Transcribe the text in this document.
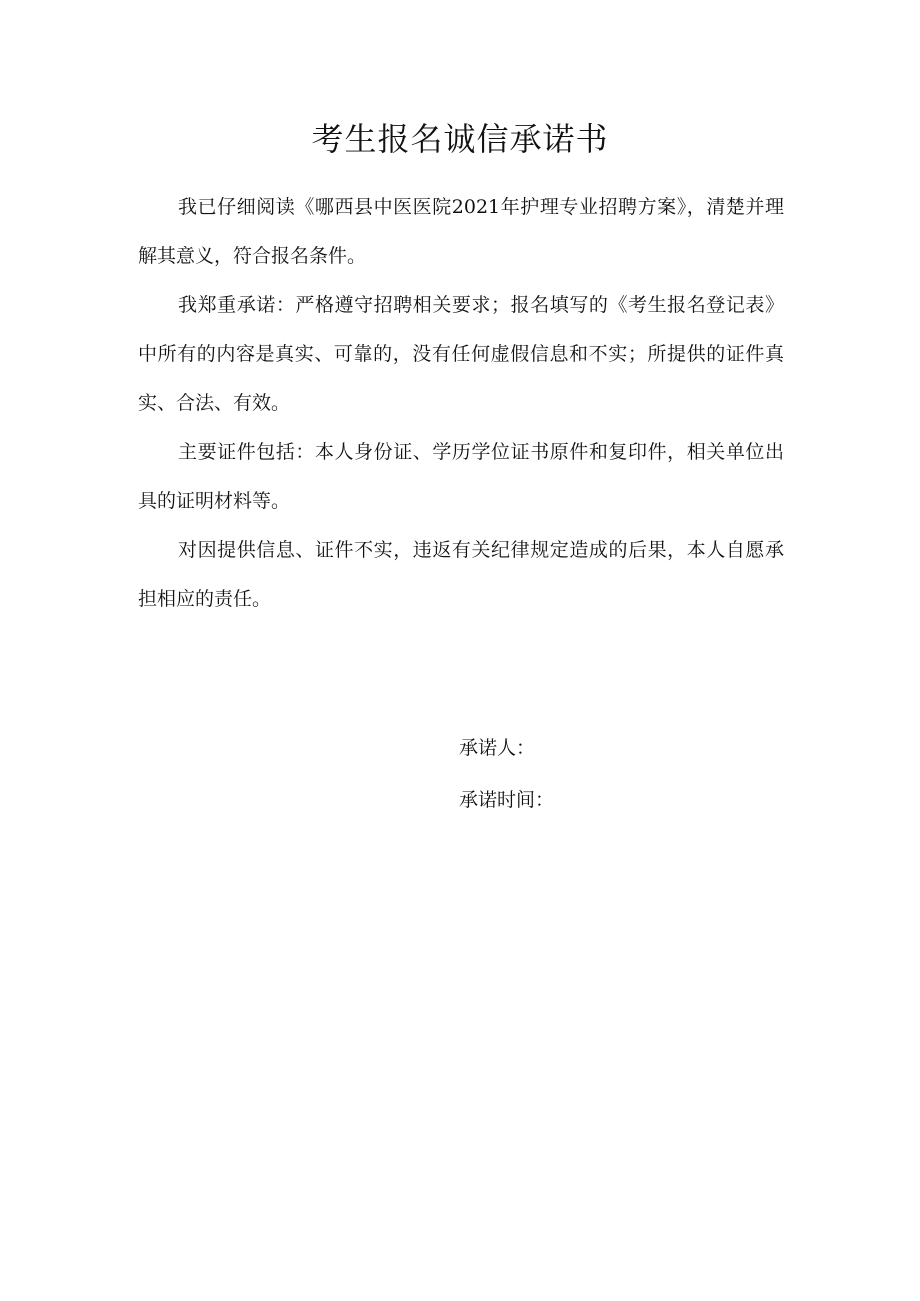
考生报名诚信承诺书

我已仔细阅读《哪西县中医医院2021年护理专业招聘方案》，清楚并理解其意义，符合报名条件。

我郑重承诺：严格遵守招聘相关要求；报名填写的《考生报名登记表》中所有的内容是真实、可靠的，没有任何虚假信息和不实；所提供的证件真实、合法、有效。

主要证件包括：本人身份证、学历学位证书原件和复印件，相关单位出具的证明材料等。

对因提供信息、证件不实，违返有关纪律规定造成的后果，本人自愿承担相应的责任。

承诺人：
承诺时间：
